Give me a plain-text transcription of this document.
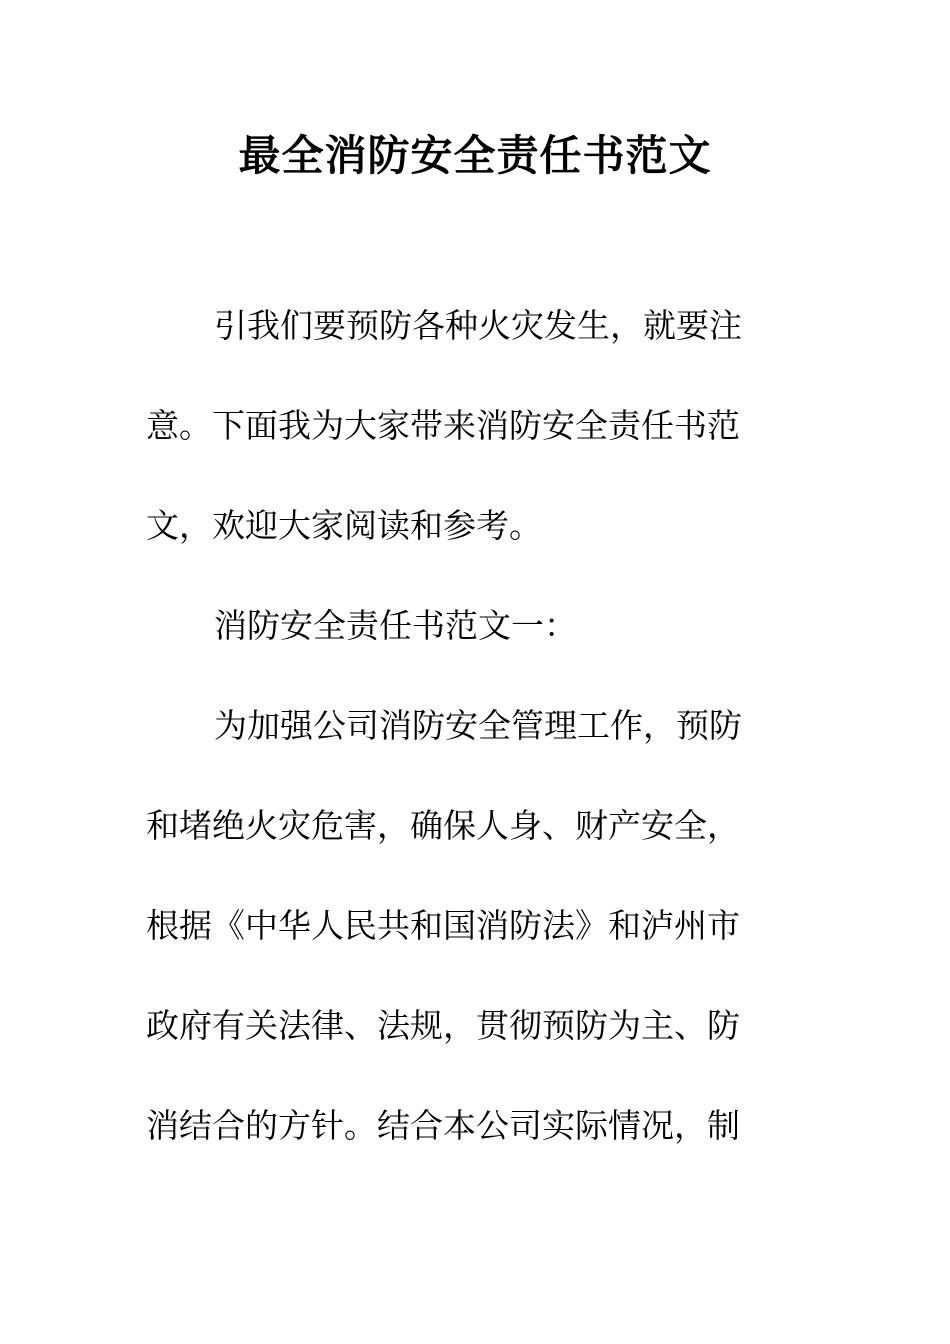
最全消防安全责任书范文
引我们要预防各种火灾发生，就要注
意。下面我为大家带来消防安全责任书范
文，欢迎大家阅读和参考。
消防安全责任书范文一：
为加强公司消防安全管理工作，预防
和堵绝火灾危害，确保人身、财产安全，
根据《中华人民共和国消防法》和泸州市
政府有关法律、法规，贯彻预防为主、防
消结合的方针。结合本公司实际情况，制
